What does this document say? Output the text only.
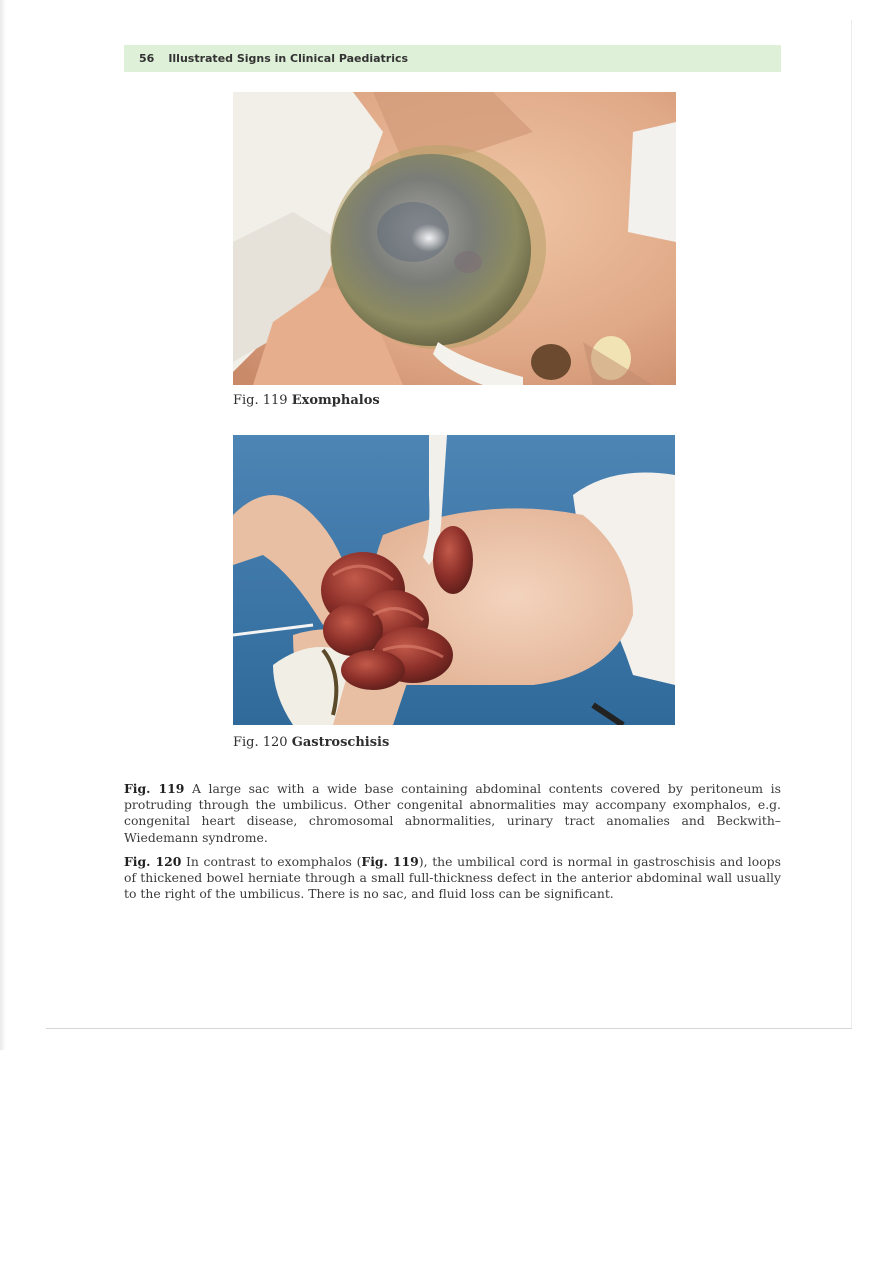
56 Illustrated Signs in Clinical Paediatrics
Fig. 119 Exomphalos
Fig. 120 Gastroschisis

Fig. 119 A large sac with a wide base containing abdominal contents covered by peritoneum is protruding through the umbilicus. Other congenital abnormalities may accompany exomphalos, e.g. congenital heart disease, chromosomal abnormalities, urinary tract anomalies and Beckwith–Wiedemann syndrome.

Fig. 120 In contrast to exomphalos (Fig. 119), the umbilical cord is normal in gastroschisis and loops of thickened bowel herniate through a small full-thickness defect in the anterior abdominal wall usually to the right of the umbilicus. There is no sac, and fluid loss can be significant.
